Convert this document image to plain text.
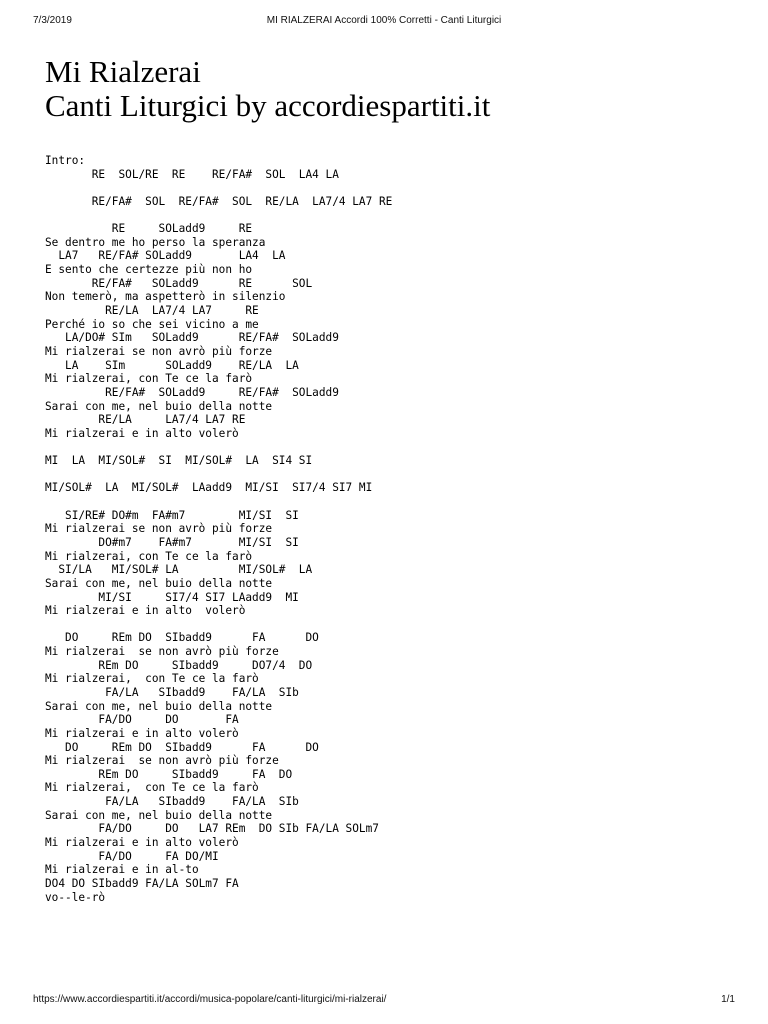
7/3/2019	MI RIALZERAI Accordi 100% Corretti - Canti Liturgici
Mi Rialzerai
Canti Liturgici by accordiespartiti.it
Intro:
RE  SOL/RE  RE    RE/FA#  SOL  LA4 LA
RE/FA#  SOL  RE/FA#  SOL  RE/LA  LA7/4 LA7 RE
RE     SOLadd9     RE
Se dentro me ho perso la speranza
LA7   RE/FA# SOLadd9       LA4  LA
E sento che certezze più non ho
RE/FA#   SOLadd9      RE      SOL
Non temerò, ma aspetterò in silenzio
RE/LA  LA7/4 LA7     RE
Perché io so che sei vicino a me
LA/DO# SIm   SOLadd9      RE/FA#  SOLadd9
Mi rialzerai se non avrò più forze
LA    SIm      SOLadd9    RE/LA  LA
Mi rialzerai, con Te ce la farò
RE/FA#  SOLadd9     RE/FA#  SOLadd9
Sarai con me, nel buio della notte
RE/LA     LA7/4 LA7 RE
Mi rialzerai e in alto volerò
MI  LA  MI/SOL#  SI  MI/SOL#  LA  SI4 SI
MI/SOL#  LA  MI/SOL#  LAadd9  MI/SI  SI7/4 SI7 MI
SI/RE# DO#m  FA#m7        MI/SI  SI
Mi rialzerai se non avrò più forze
DO#m7    FA#m7       MI/SI  SI
Mi rialzerai, con Te ce la farò
SI/LA   MI/SOL# LA         MI/SOL#  LA
Sarai con me, nel buio della notte
MI/SI     SI7/4 SI7 LAadd9  MI
Mi rialzerai e in alto  volerò
DO     REm DO  SIbadd9      FA      DO
Mi rialzerai  se non avrò più forze
REm DO     SIbadd9     DO7/4  DO
Mi rialzerai,  con Te ce la farò
FA/LA   SIbadd9    FA/LA  SIb
Sarai con me, nel buio della notte
FA/DO     DO       FA
Mi rialzerai e in alto volerò
DO     REm DO  SIbadd9      FA      DO
Mi rialzerai  se non avrò più forze
REm DO     SIbadd9     FA  DO
Mi rialzerai,  con Te ce la farò
FA/LA   SIbadd9    FA/LA  SIb
Sarai con me, nel buio della notte
FA/DO     DO   LA7 REm  DO SIb FA/LA SOLm7
Mi rialzerai e in alto volerò
FA/DO     FA DO/MI
Mi rialzerai e in al-to
DO4 DO SIbadd9 FA/LA SOLm7 FA
vo--le-rò
https://www.accordiespartiti.it/accordi/musica-popolare/canti-liturgici/mi-rialzerai/	1/1
